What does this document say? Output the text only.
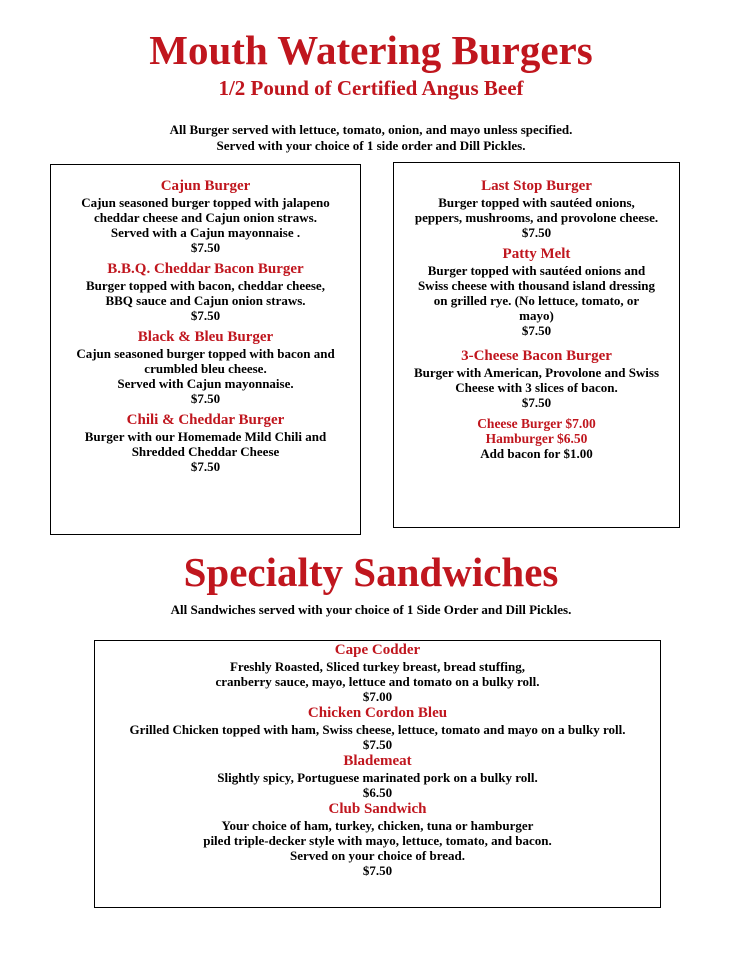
Mouth Watering Burgers
1/2 Pound of Certified Angus Beef
All Burger served with lettuce, tomato, onion, and mayo unless specified.
Served with your choice of 1 side order and Dill Pickles.
Cajun Burger
Cajun seasoned burger topped with jalapeno
cheddar cheese and Cajun onion straws.
Served with a Cajun mayonnaise .
$7.50
B.B.Q. Cheddar Bacon Burger
Burger topped with bacon, cheddar cheese,
BBQ sauce and Cajun onion straws.
$7.50
Black & Bleu Burger
Cajun seasoned burger topped with bacon and
crumbled bleu cheese.
Served with Cajun mayonnaise.
$7.50
Chili & Cheddar Burger
Burger with our Homemade Mild Chili and
Shredded Cheddar Cheese
$7.50
Last Stop Burger
Burger topped with sautéed onions,
peppers, mushrooms, and provolone cheese.
$7.50
Patty Melt
Burger topped with sautéed onions and
Swiss cheese with thousand island dressing
on grilled rye. (No lettuce, tomato, or
mayo)
$7.50
3-Cheese Bacon Burger
Burger with American, Provolone and Swiss
Cheese with 3 slices of bacon.
$7.50
Cheese Burger $7.00
Hamburger $6.50
Add bacon for $1.00
Specialty Sandwiches
All Sandwiches served with your choice of 1 Side Order and Dill Pickles.
Cape Codder
Freshly Roasted, Sliced turkey breast, bread stuffing,
cranberry sauce, mayo, lettuce and tomato on a bulky roll.
$7.00
Chicken Cordon Bleu
Grilled Chicken topped with ham, Swiss cheese, lettuce, tomato and mayo on a bulky roll.
$7.50
Blademeat
Slightly spicy, Portuguese marinated pork on a bulky roll.
$6.50
Club Sandwich
Your choice of ham, turkey, chicken, tuna or hamburger
piled triple-decker style with mayo, lettuce, tomato, and bacon.
Served on your choice of bread.
$7.50
